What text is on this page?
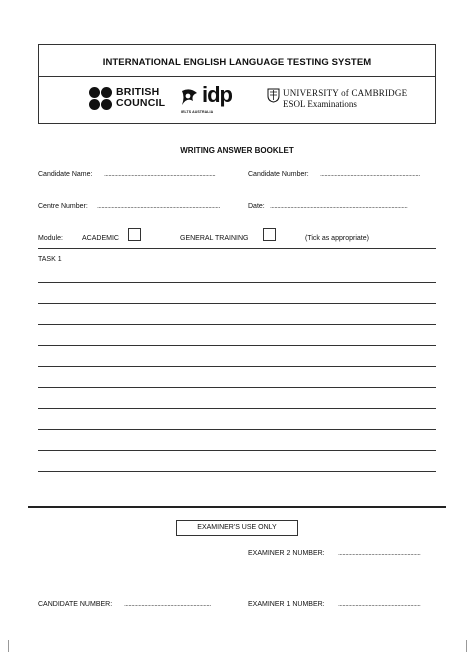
INTERNATIONAL ENGLISH LANGUAGE TESTING SYSTEM
BRITISH
COUNCIL idp
IELTS AUSTRALIA
UNIVERSITY of CAMBRIDGE
ESOL Examinations
WRITING ANSWER BOOKLET
Candidate Name: .............................................................................	Candidate Number: .....................................................................
Centre Number: .....................................................................................	Date: ...............................................................................................
Module:	ACADEMIC	GENERAL TRAINING	(Tick as appropriate)
TASK 1
EXAMINER'S USE ONLY
EXAMINER 2 NUMBER: .........................................................
CANDIDATE NUMBER: ............................................................	EXAMINER 1 NUMBER: .........................................................
